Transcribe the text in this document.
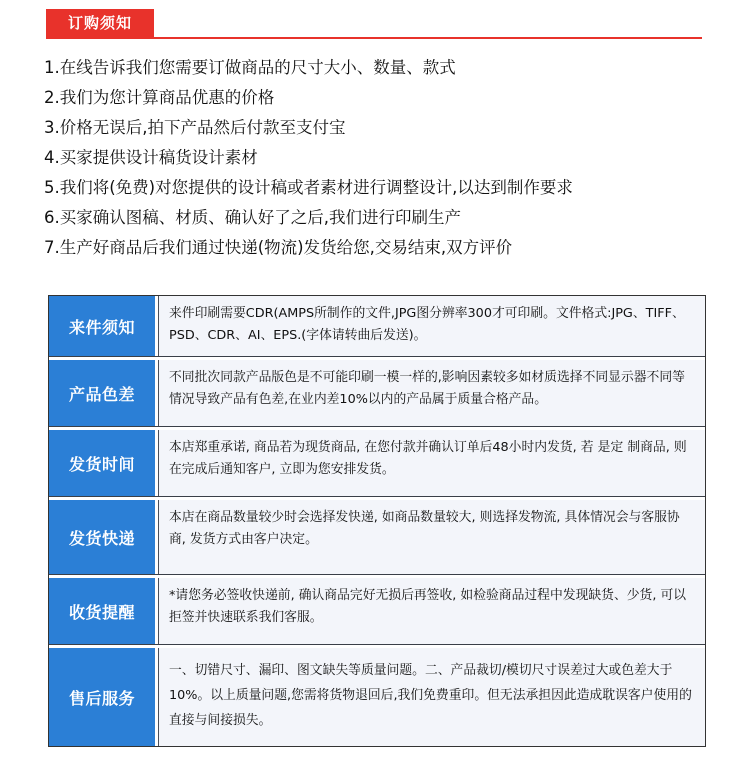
订购须知
1.在线告诉我们您需要订做商品的尺寸大小、数量、款式
2.我们为您计算商品优惠的价格
3.价格无误后,拍下产品然后付款至支付宝
4.买家提供设计稿货设计素材
5.我们将(免费)对您提供的设计稿或者素材进行调整设计,以达到制作要求
6.买家确认图稿、材质、确认好了之后,我们进行印刷生产
7.生产好商品后我们通过快递(物流)发货给您,交易结束,双方评价
来件须知
来件印刷需要CDR(AMPS所制作的文件,JPG图分辨率300才可印刷。文件格式:JPG、TIFF、PSD、CDR、AI、EPS.(字体请转曲后发送)。
产品色差
不同批次同款产品版色是不可能印刷一模一样的,影响因素较多如材质选择不同显示器不同等情况导致产品有色差,在业内差10%以内的产品属于质量合格产品。
发货时间
本店郑重承诺, 商品若为现货商品, 在您付款并确认订单后48小时内发货, 若 是定 制商品, 则在完成后通知客户, 立即为您安排发货。
发货快递
本店在商品数量较少时会选择发快递, 如商品数量较大, 则选择发物流, 具体情况会与客服协商, 发货方式由客户决定。
收货提醒
*请您务必签收快递前, 确认商品完好无损后再签收, 如检验商品过程中发现缺货、少货, 可以拒签并快速联系我们客服。
售后服务
一、切错尺寸、漏印、图文缺失等质量问题。二、产品裁切/模切尺寸误差过大或色差大于10%。以上质量问题,您需将货物退回后,我们免费重印。但无法承担因此造成耽误客户使用的直接与间接损失。
